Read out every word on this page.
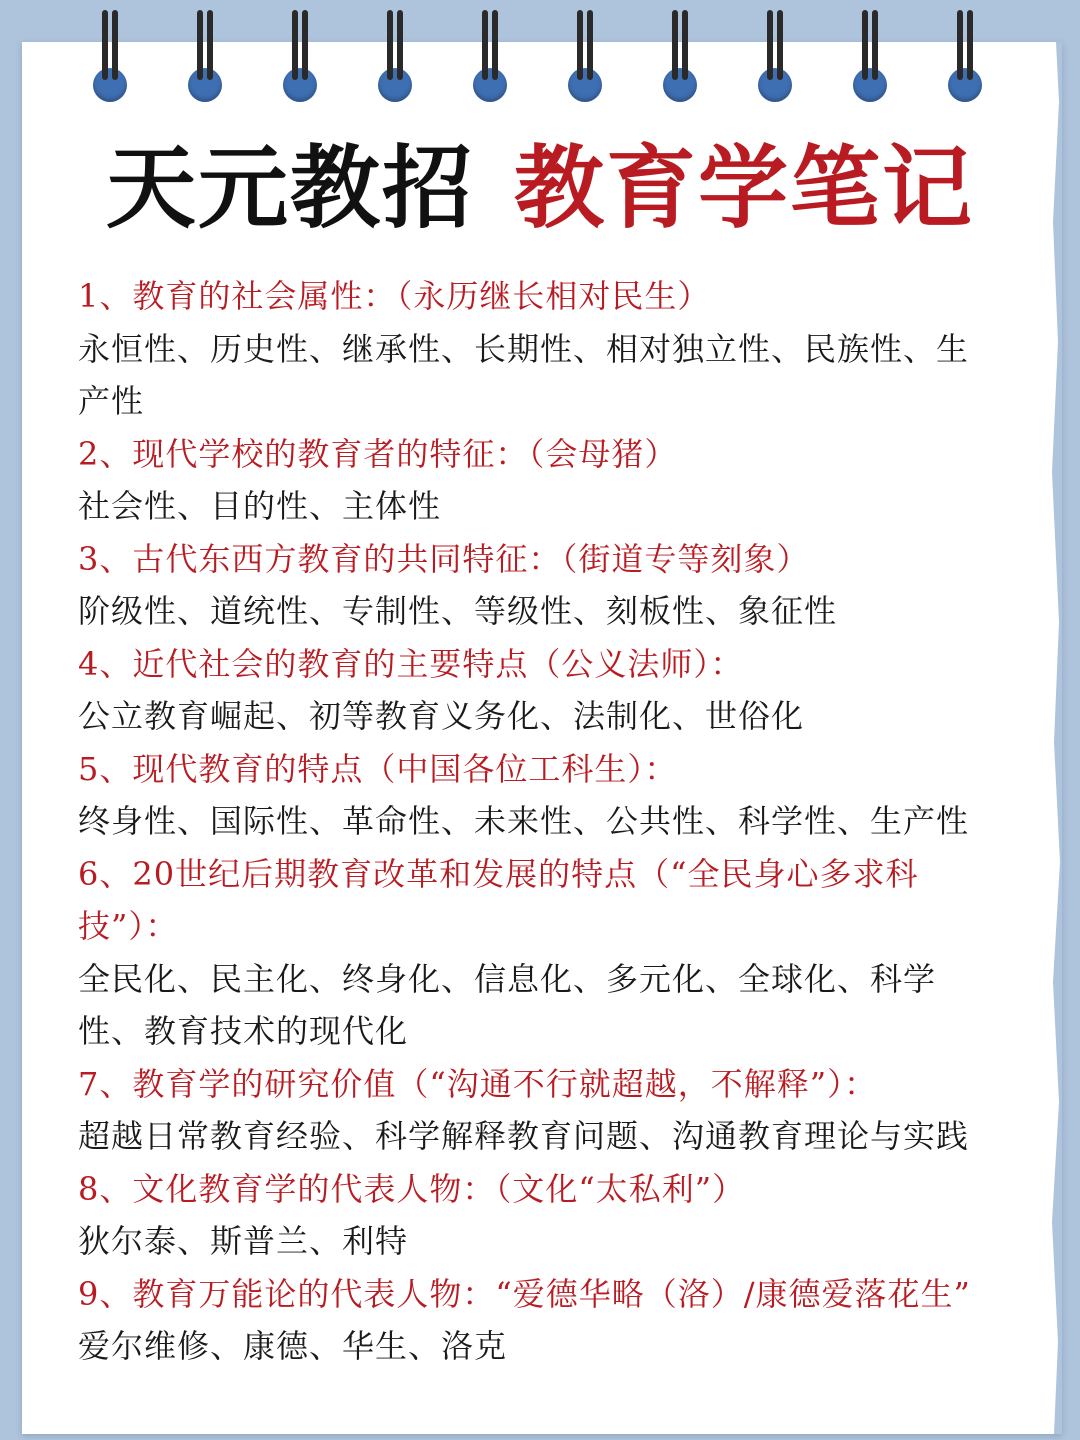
天元教招 教育学笔记
1、教育的社会属性：（永历继长相对民生）
永恒性、历史性、继承性、长期性、相对独立性、民族性、生
产性
2、现代学校的教育者的特征：（会母猪）
社会性、目的性、主体性
3、古代东西方教育的共同特征：（街道专等刻象）
阶级性、道统性、专制性、等级性、刻板性、象征性
4、近代社会的教育的主要特点（公义法师）：
公立教育崛起、初等教育义务化、法制化、世俗化
5、现代教育的特点（中国各位工科生）：
终身性、国际性、革命性、未来性、公共性、科学性、生产性
6、20世纪后期教育改革和发展的特点（“全民身心多求科
技”）：
全民化、民主化、终身化、信息化、多元化、全球化、科学
性、教育技术的现代化
7、教育学的研究价值（“沟通不行就超越，不解释”）：
超越日常教育经验、科学解释教育问题、沟通教育理论与实践
8、文化教育学的代表人物：（文化“太私利”）
狄尔泰、斯普兰、利特
9、教育万能论的代表人物：“爱德华略（洛）/康德爱落花生”
爱尔维修、康德、华生、洛克
